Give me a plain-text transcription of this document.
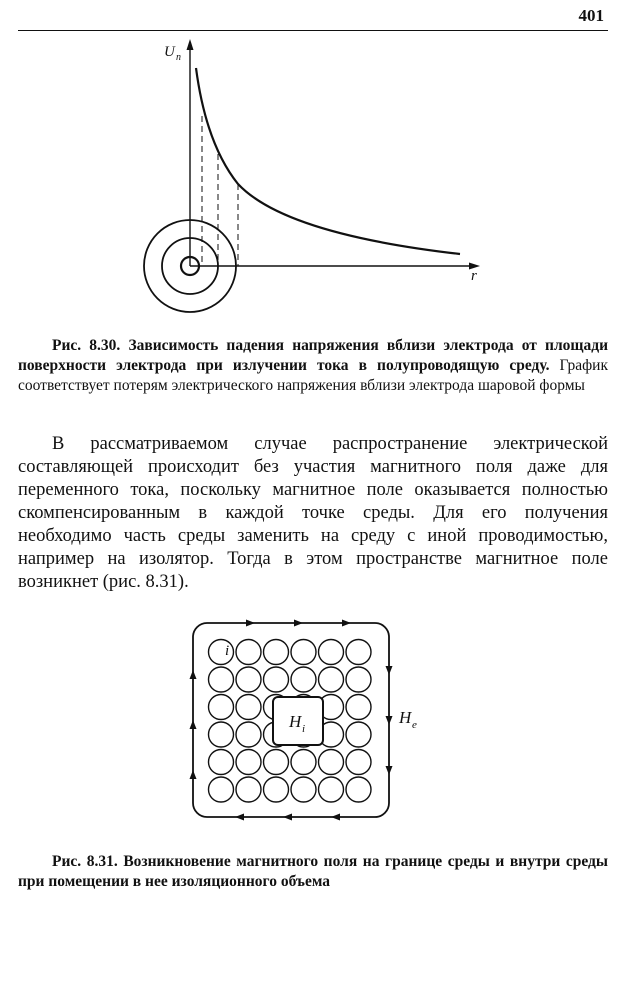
401
U п
r
Рис. 8.30. Зависимость падения напряжения вблизи электрода от площади поверхности электрода при излучении тока в полупроводящую среду. График соответствует потерям электрического напряжения вблизи электрода шаровой формы
В рассматриваемом случае распространение электрической составляющей происходит без участия магнитного поля даже для переменного тока, поскольку магнитное поле оказывается полностью скомпенсированным в каждой точке среды. Для его получения необходимо часть среды заменить на среду с иной проводимостью, например на изолятор. Тогда в этом пространстве магнитное поле возникнет (рис. 8.31).
H i
i
H e
Рис. 8.31. Возникновение магнитного поля на границе среды и внутри среды при помещении в нее изоляционного объема
